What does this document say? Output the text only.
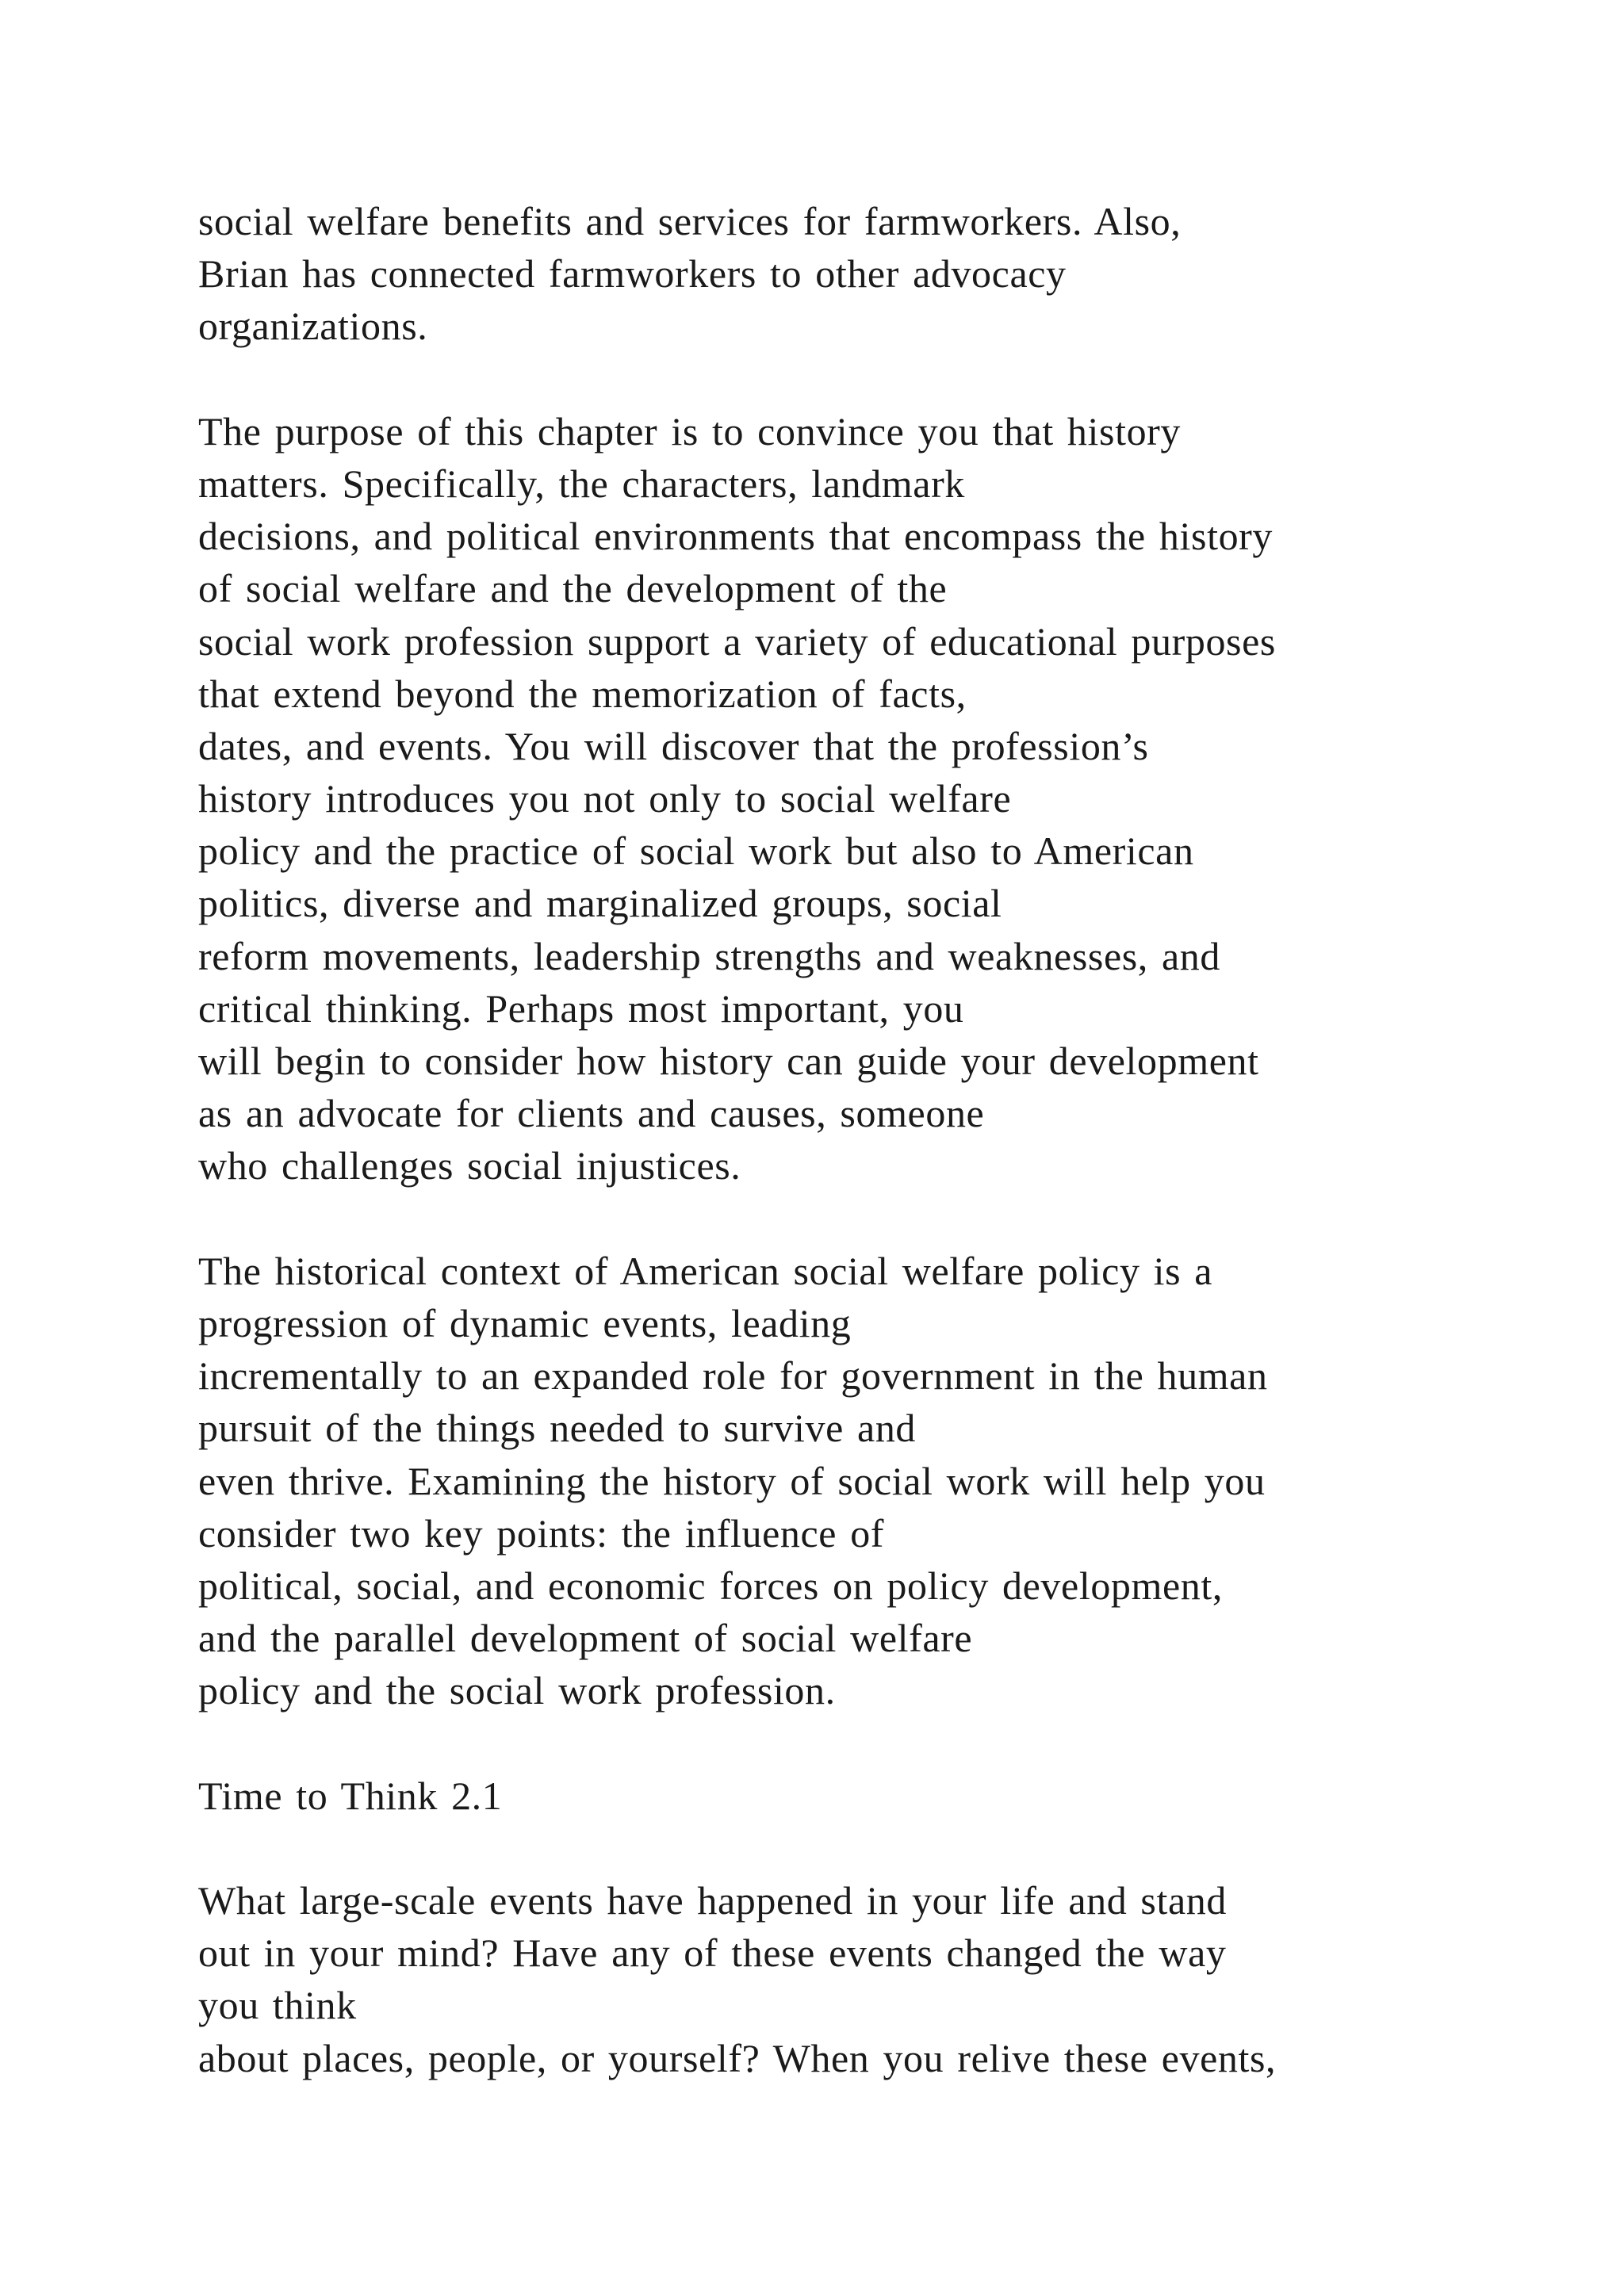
social welfare benefits and services for farmworkers. Also,
Brian has connected farmworkers to other advocacy
organizations.
The purpose of this chapter is to convince you that history
matters. Specifically, the characters, landmark
decisions, and political environments that encompass the history
of social welfare and the development of the
social work profession support a variety of educational purposes
that extend beyond the memorization of facts,
dates, and events. You will discover that the profession’s
history introduces you not only to social welfare
policy and the practice of social work but also to American
politics, diverse and marginalized groups, social
reform movements, leadership strengths and weaknesses, and
critical thinking. Perhaps most important, you
will begin to consider how history can guide your development
as an advocate for clients and causes, someone
who challenges social injustices.
The historical context of American social welfare policy is a
progression of dynamic events, leading
incrementally to an expanded role for government in the human
pursuit of the things needed to survive and
even thrive. Examining the history of social work will help you
consider two key points: the influence of
political, social, and economic forces on policy development,
and the parallel development of social welfare
policy and the social work profession.
Time to Think 2.1
What large-scale events have happened in your life and stand
out in your mind? Have any of these events changed the way
you think
about places, people, or yourself? When you relive these events,
